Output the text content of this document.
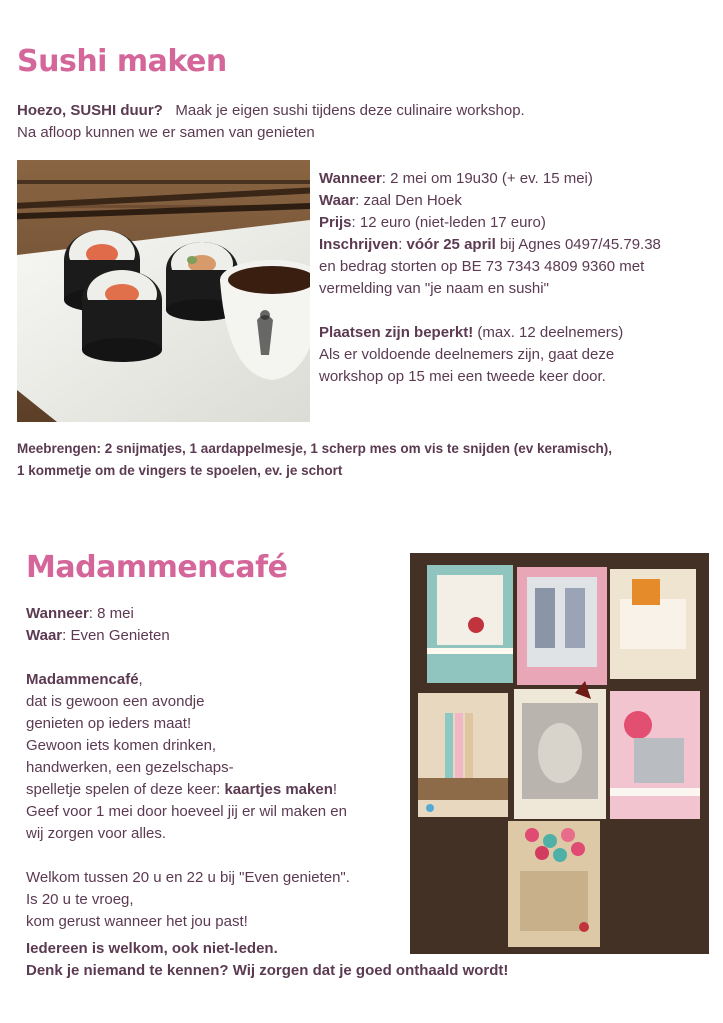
Sushi maken
Hoezo, SUSHI duur? Maak je eigen sushi tijdens deze culinaire workshop.
Na afloop kunnen we er samen van genieten
Wanneer: 2 mei om 19u30 (+ ev. 15 mei)
Waar: zaal Den Hoek
Prijs: 12 euro (niet-leden 17 euro)
Inschrijven: vóór 25 april bij Agnes 0497/45.79.38
en bedrag storten op BE 73 7343 4809 9360 met
vermelding van "je naam en sushi"
Plaatsen zijn beperkt! (max. 12 deelnemers)
Als er voldoende deelnemers zijn, gaat deze
workshop op 15 mei een tweede keer door.
Meebrengen: 2 snijmatjes, 1 aardappelmesje, 1 scherp mes om vis te snijden (ev keramisch),
1 kommetje om de vingers te spoelen, ev. je schort
Madammencafé
Wanneer: 8 mei
Waar: Even Genieten
Madammencafé,
dat is gewoon een avondje
genieten op ieders maat!
Gewoon iets komen drinken,
handwerken, een gezelschaps-
spelletje spelen of deze keer: kaartjes maken!
Geef voor 1 mei door hoeveel jij er wil maken en
wij zorgen voor alles.
Welkom tussen 20 u en 22 u bij "Even genieten".
Is 20 u te vroeg,
kom gerust wanneer het jou past!
Iedereen is welkom, ook niet-leden.
Denk je niemand te kennen? Wij zorgen dat je goed onthaald wordt!
